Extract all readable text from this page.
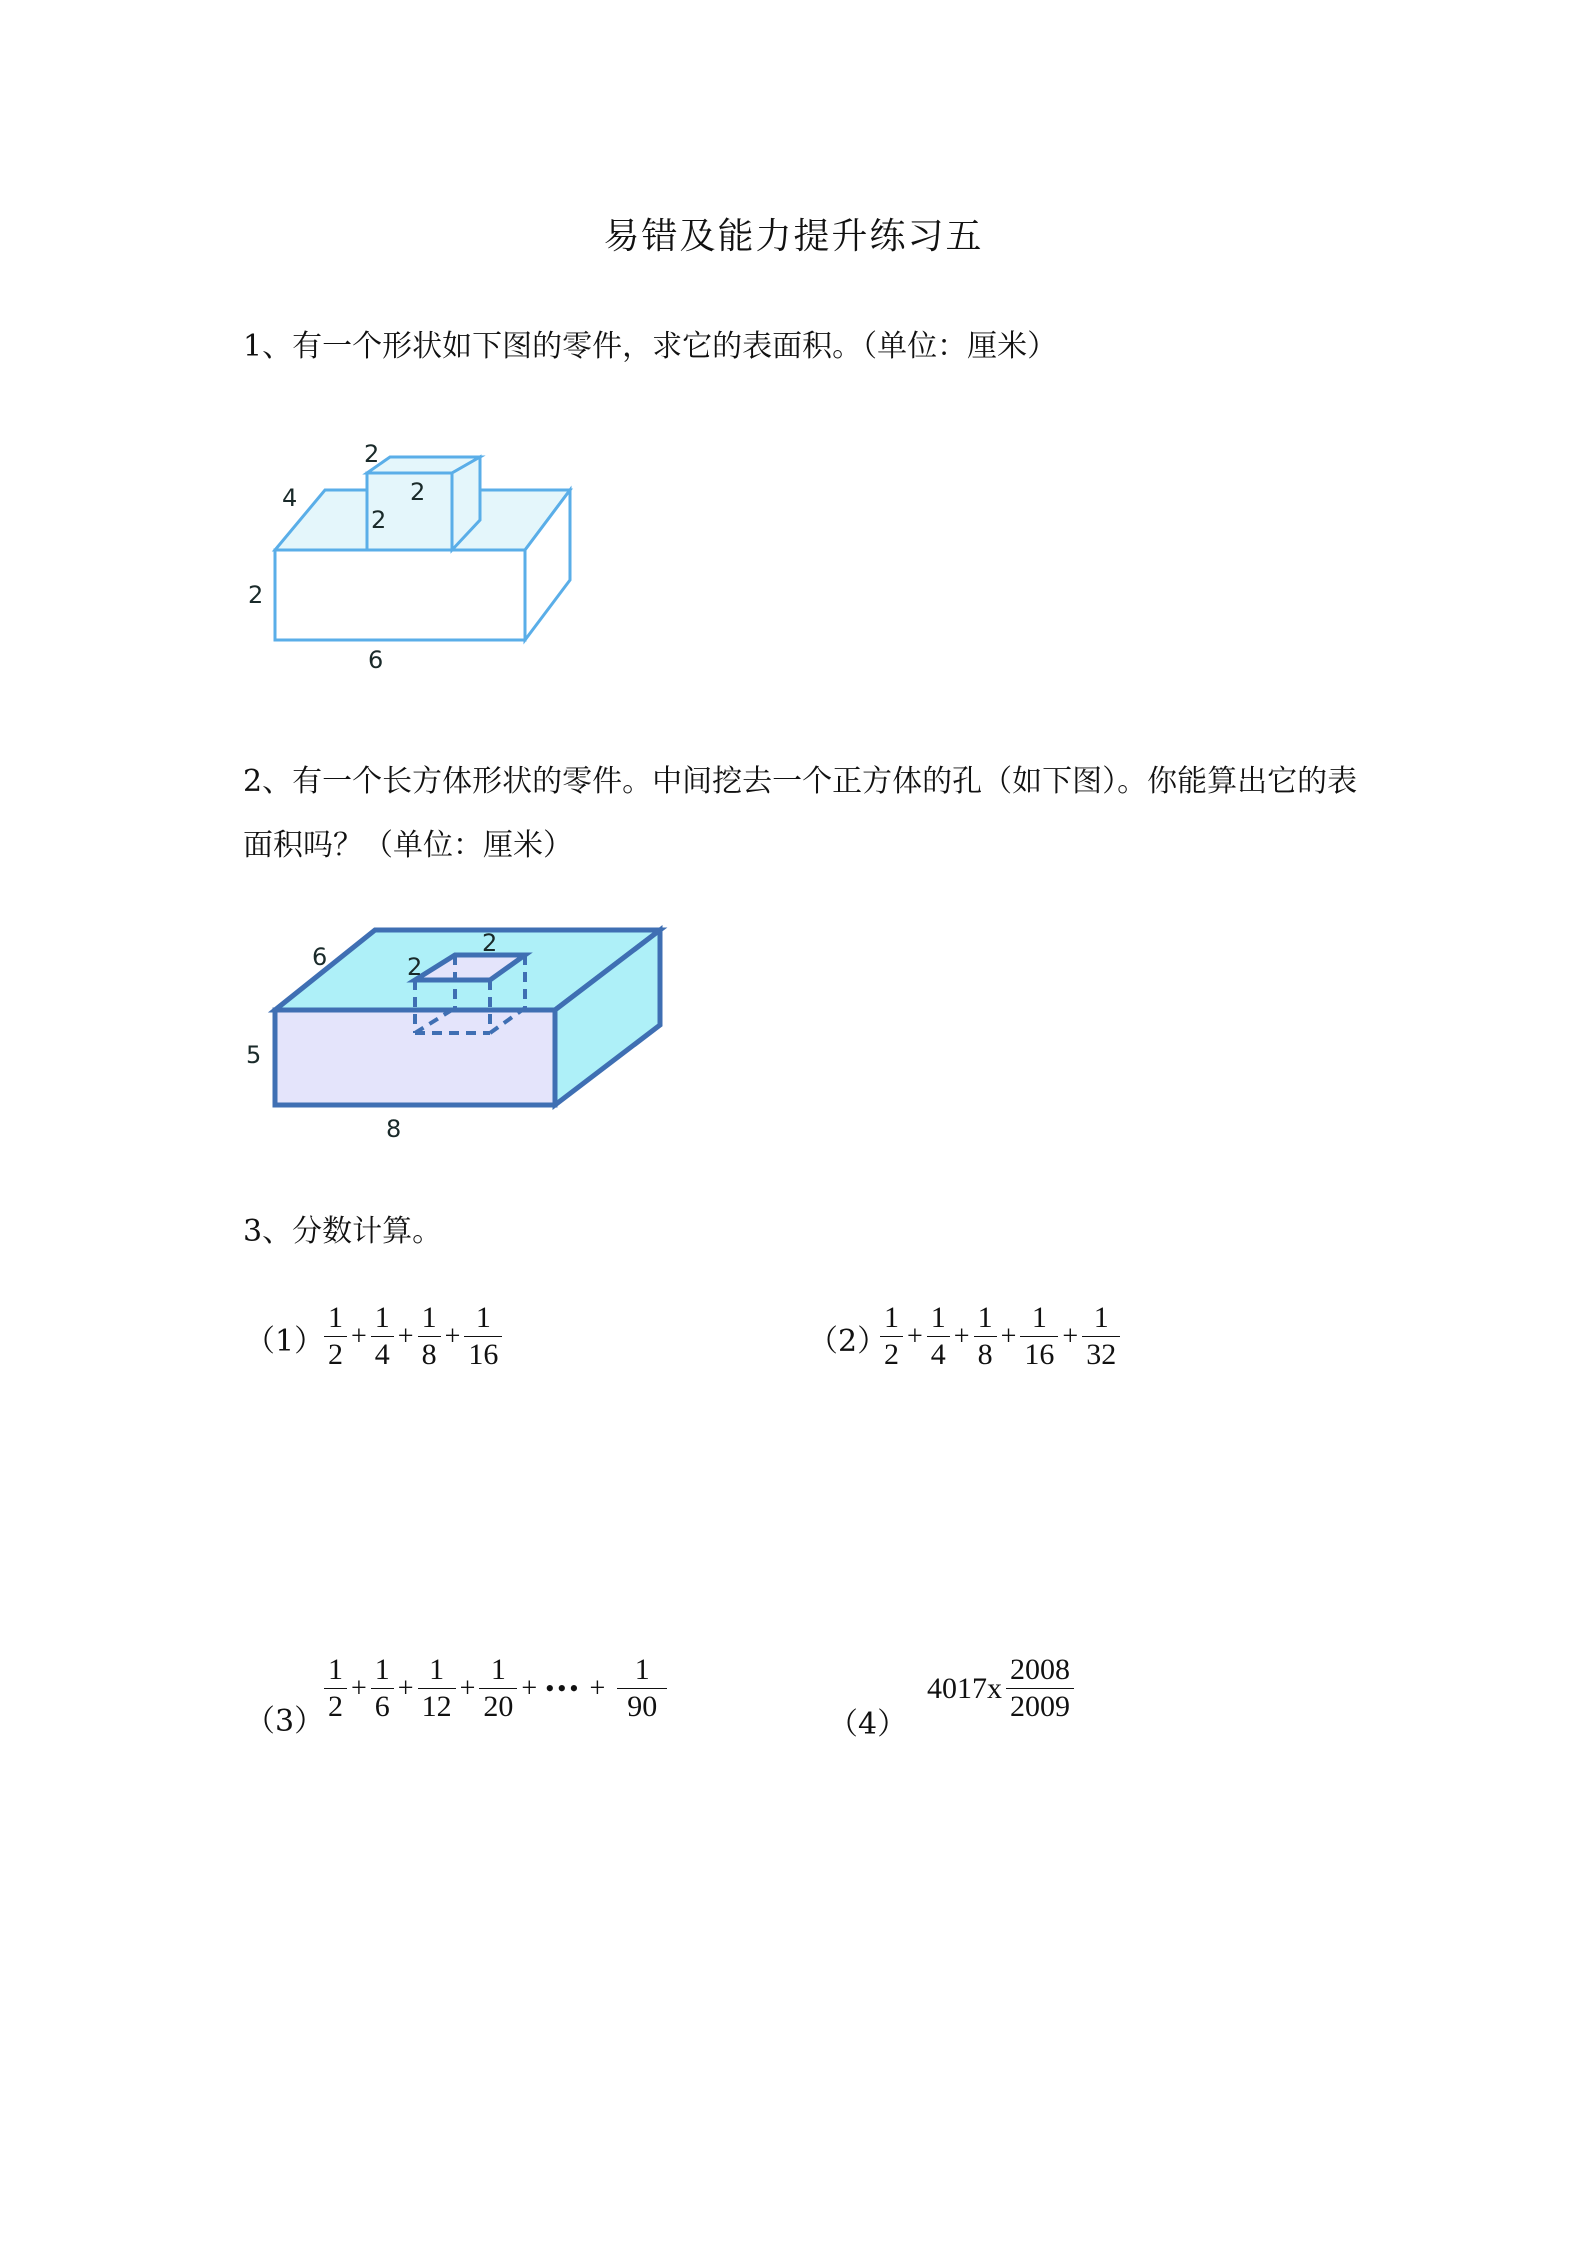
易错及能力提升练习五
1、有一个形状如下图的零件，求它的表面积。（单位：厘米）
2
2
2
4
2
6
2、有一个长方体形状的零件。中间挖去一个正方体的孔（如下图）。你能算出它的表面积吗？（单位：厘米）
6	2
2
5
8
3、分数计算。
$(1) \frac{1}{2} + \frac{1}{4} + \frac{1}{8} + \frac{1}{16}$	（2）
$\frac{1}{2} + \frac{1}{4} + \frac{1}{8} + \frac{1}{16} + \frac{1}{32}$
$(3) \frac{1}{2} + \frac{1}{6} + \frac{1}{12} + \frac{1}{20}$ + ••• + $\frac{1}{90}$	（4）
$4017x \frac{2008}{2009}$
